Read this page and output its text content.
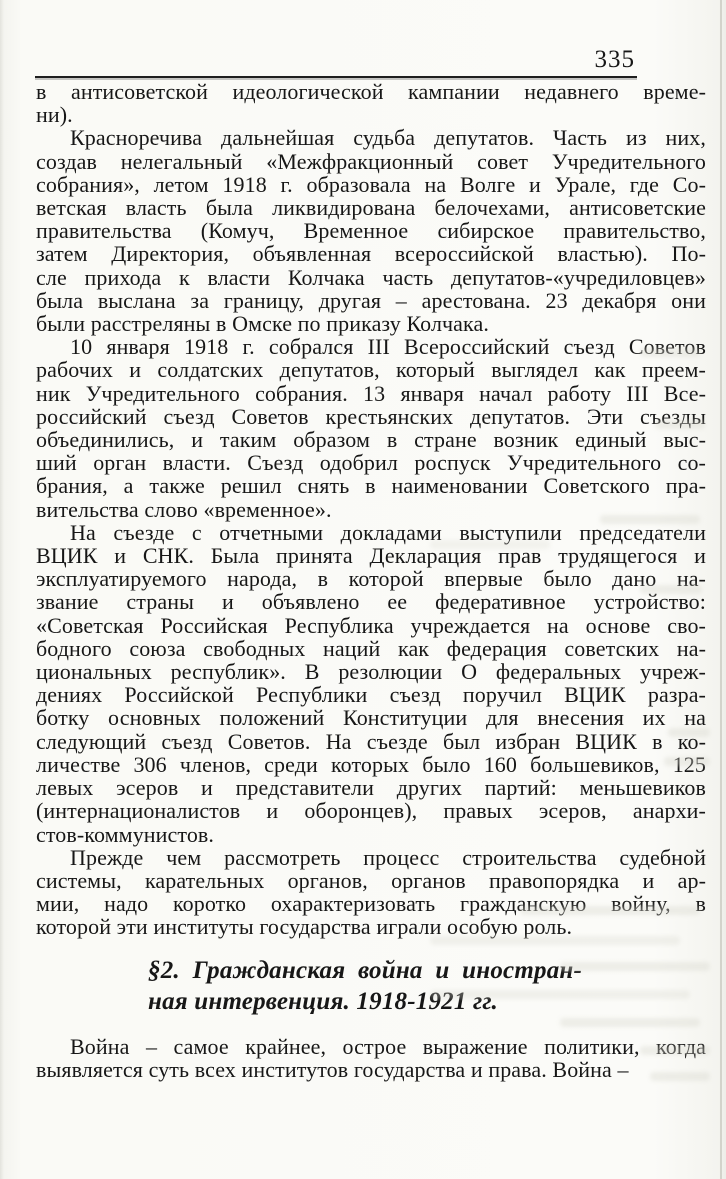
335
в антисоветской идеологической кампании недавнего време-
ни).
Красноречива дальнейшая судьба депутатов. Часть из них,
создав нелегальный «Межфракционный совет Учредительного
собрания», летом 1918 г. образовала на Волге и Урале, где Со-
ветская власть была ликвидирована белочехами, антисоветские
правительства (Комуч, Временное сибирское правительство,
затем Директория, объявленная всероссийской властью). По-
сле прихода к власти Колчака часть депутатов-«учредиловцев»
была выслана за границу, другая – арестована. 23 декабря они
были расстреляны в Омске по приказу Колчака.
10 января 1918 г. собрался III Всероссийский съезд Советов
рабочих и солдатских депутатов, который выглядел как преем-
ник Учредительного собрания. 13 января начал работу III Все-
российский съезд Советов крестьянских депутатов. Эти съезды
объединились, и таким образом в стране возник единый выс-
ший орган власти. Съезд одобрил роспуск Учредительного со-
брания, а также решил снять в наименовании Советского пра-
вительства слово «временное».
На съезде с отчетными докладами выступили председатели
ВЦИК и СНК. Была принята Декларация прав трудящегося и
эксплуатируемого народа, в которой впервые было дано на-
звание страны и объявлено ее федеративное устройство:
«Советская Российская Республика учреждается на основе сво-
бодного союза свободных наций как федерация советских на-
циональных республик». В резолюции О федеральных учреж-
дениях Российской Республики съезд поручил ВЦИК разра-
ботку основных положений Конституции для внесения их на
следующий съезд Советов. На съезде был избран ВЦИК в ко-
личестве 306 членов, среди которых было 160 большевиков, 125
левых эсеров и представители других партий: меньшевиков
(интернационалистов и оборонцев), правых эсеров, анархи-
стов-коммунистов.
Прежде чем рассмотреть процесс строительства судебной
системы, карательных органов, органов правопорядка и ар-
мии, надо коротко охарактеризовать гражданскую войну, в
которой эти институты государства играли особую роль.
§2. Гражданская война и иностран-
ная интервенция. 1918-1921 гг.
Война – самое крайнее, острое выражение политики, когда
выявляется суть всех институтов государства и права. Война –
